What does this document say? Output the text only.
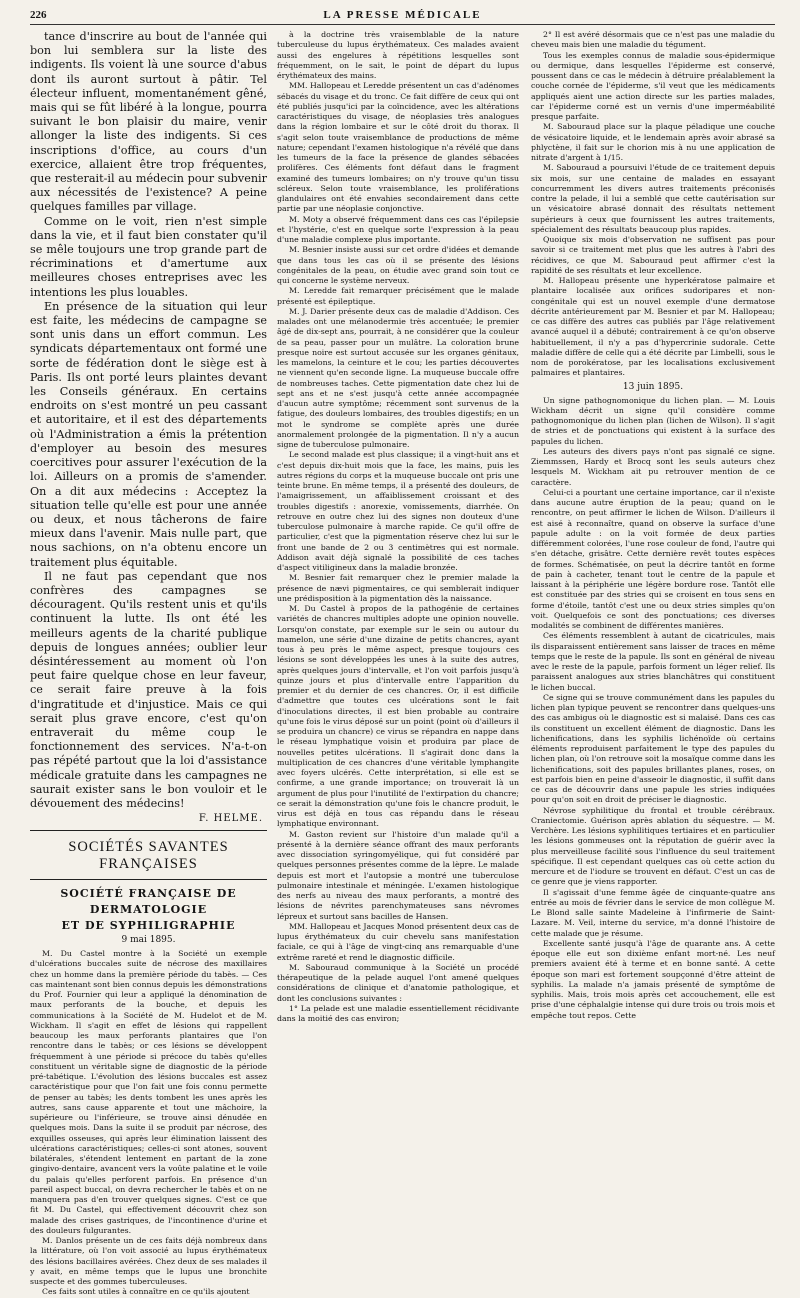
226	LA PRESSE MÉDICALE

tance d'inscrire au bout de l'année qui bon lui semblera sur la liste des indigents. Ils voient là une source d'abus dont ils auront surtout à pâtir. Tel électeur influent, momentanément gêné, mais qui se fût libéré à la longue, pourra suivant le bon plaisir du maire, venir allonger la liste des indigents. Si ces inscriptions d'office, au cours d'un exercice, allaient être trop fréquentes, que resterait-il au médecin pour subvenir aux nécessités de l'existence? A peine quelques familles par village.

Comme on le voit, rien n'est simple dans la vie, et il faut bien constater qu'il se mêle toujours une trop grande part de récriminations et d'amertume aux meilleures choses entreprises avec les intentions les plus louables.

En présence de la situation qui leur est faite, les médecins de campagne se sont unis dans un effort commun. Les syndicats départementaux ont formé une sorte de fédération dont le siège est à Paris. Ils ont porté leurs plaintes devant les Conseils généraux. En certains endroits on s'est montré un peu cassant et autoritaire, et il est des départements où l'Administration a émis la prétention d'employer au besoin des mesures coercitives pour assurer l'exécution de la loi. Ailleurs on a promis de s'amender. On a dit aux médecins : Acceptez la situation telle qu'elle est pour une année ou deux, et nous tâcherons de faire mieux dans l'avenir. Mais nulle part, que nous sachions, on n'a obtenu encore un traitement plus équitable.

Il ne faut pas cependant que nos confrères des campagnes se découragent. Qu'ils restent unis et qu'ils continuent la lutte. Ils ont été les meilleurs agents de la charité publique depuis de longues années; oublier leur désintéressement au moment où l'on peut faire quelque chose en leur faveur, ce serait faire preuve à la fois d'ingratitude et d'injustice. Mais ce qui serait plus grave encore, c'est qu'on entraverait du même coup le fonctionnement des services. N'a-t-on pas répété partout que la loi d'assistance médicale gratuite dans les campagnes ne saurait exister sans le bon vouloir et le dévouement des médecins!

F. HELME.
SOCIÉTÉS SAVANTES FRANÇAISES
SOCIÉTÉ FRANÇAISE DE DERMATOLOGIE
ET DE SYPHILIGRAPHIE
9 mai 1895.

M. Du Castel montre à la Société un exemple d'ulcérations buccales suite de nécrose des maxillaires chez un homme dans la première période du tabès. — Ces cas maintenant sont bien connus depuis les démonstrations du Prof. Fournier qui leur a appliqué la dénomination de maux perforants de la bouche, et depuis les communications à la Société de M. Hudelot et de M. Wickham. Il s'agit en effet de lésions qui rappellent beaucoup les maux perforants plantaires que l'on rencontre dans le tabès; or ces lésions se développent fréquemment à une période si précoce du tabès qu'elles constituent un véritable signe de diagnostic de la période pré-tabétique. L'évolution des lésions buccales est assez caractéristique pour que l'on fait une fois connu permette de penser au tabès; les dents tombent les unes après les autres, sans cause apparente et tout une mâchoire, la supérieure ou l'inférieure, se trouve ainsi dénudée en quelques mois. Dans la suite il se produit par nécrose, des exquilles osseuses, qui après leur élimination laissent des ulcérations caractéristiques; celles-ci sont atones, souvent bilatérales, s'étendent lentement en partant de la zone gingivo-dentaire, avancent vers la voûte palatine et le voile du palais qu'elles perforent parfois. En présence d'un pareil aspect buccal, on devra rechercher le tabès et on ne manquera pas d'en trouver quelques signes. C'est ce que fit M. Du Castel, qui effectivement découvrit chez son malade des crises gastriques, de l'incontinence d'urine et des douleurs fulgurantes.

M. Danlos présente un de ces faits déjà nombreux dans la littérature, où l'on voit associé au lupus érythémateux des lésions bacillaires avérées. Chez deux de ses malades il y avait, en même temps que le lupus une bronchite suspecte et des gommes tuberculeuses.

Ces faits sont utiles à connaître en ce qu'ils ajoutent

à la doctrine très vraisemblable de la nature tuberculeuse du lupus érythémateux. Ces malades avaient aussi des engelures à répétitions lesquelles sont fréquemment, on le sait, le point de départ du lupus érythémateux des mains.

MM. Hallopeau et Leredde présentent un cas d'adénomes sébacés du visage et du tronc. Ce fait diffère de ceux qui ont été publiés jusqu'ici par la coïncidence, avec les altérations caractéristiques du visage, de néoplasies très analogues dans la région lombaire et sur le côté droit du thorax. Il s'agit selon toute vraisemblance de productions de même nature; cependant l'examen histologique n'a révélé que dans les tumeurs de la face la présence de glandes sébacées prolifères. Ces éléments font défaut dans le fragment examiné des tumeurs lombaires; on n'y trouve qu'un tissu scléreux. Selon toute vraisemblance, les proliférations glandulaires ont été envahies secondairement dans cette partie par une néoplasie conjonctive.

M. Moty a observé fréquemment dans ces cas l'épilepsie et l'hystérie, c'est en quelque sorte l'expression à la peau d'une maladie complexe plus importante.

M. Besnier insiste aussi sur cet ordre d'idées et demande que dans tous les cas où il se présente des lésions congénitales de la peau, on étudie avec grand soin tout ce qui concerne le système nerveux.

M. Leredde fait remarquer précisément que le malade présenté est épileptique.

M. J. Darier présente deux cas de maladie d'Addison. Ces malades ont une mélanodermie très accentuée; le premier âgé de dix-sept ans, pourrait, à ne considérer que la couleur de sa peau, passer pour un mulâtre. La coloration brune presque noire est surtout accusée sur les organes génitaux, les mamelons, la ceinture et le cou; les parties découvertes ne viennent qu'en seconde ligne. La muqueuse buccale offre de nombreuses taches. Cette pigmentation date chez lui de sept ans et ne s'est jusqu'à cette année accompagnée d'aucun autre symptôme; récemment sont survenus de la fatigue, des douleurs lombaires, des troubles digestifs; en un mot le syndrome se complète après une durée anormalement prolongée de la pigmentation. Il n'y a aucun signe de tuberculose pulmonaire.

Le second malade est plus classique; il a vingt-huit ans et c'est depuis dix-huit mois que la face, les mains, puis les autres régions du corps et la muqueuse buccale ont pris une teinte brune. En même temps, il a présenté des douleurs, de l'amaigrissement, un affaiblissement croissant et des troubles digestifs : anorexie, vomissements, diarrhée. On retrouve en outre chez lui des signes non douteux d'une tuberculose pulmonaire à marche rapide. Ce qu'il offre de particulier, c'est que la pigmentation réserve chez lui sur le front une bande de 2 ou 3 centimètres qui est normale. Addison avait déjà signalé la possibilité de ces taches d'aspect vitiligineux dans la maladie bronzée.

M. Besnier fait remarquer chez le premier malade la présence de nævi pigmentaires, ce qui semblerait indiquer une prédisposition à la pigmentation dès la naissance.

M. Du Castel à propos de la pathogénie de certaines variétés de chancres multiples adopte une opinion nouvelle. Lorsqu'on constate, par exemple sur le sein ou autour du mamelon, une série d'une dizaine de petits chancres, ayant tous à peu près le même aspect, presque toujours ces lésions se sont développées les unes à la suite des autres, après quelques jours d'intervalle, et l'on voit parfois jusqu'à quinze jours et plus d'intervalle entre l'apparition du premier et du dernier de ces chancres. Or, il est difficile d'admettre que toutes ces ulcérations sont le fait d'inoculations directes, il est bien probable au contraire qu'une fois le virus déposé sur un point (point où d'ailleurs il se produira un chancre) ce virus se répandra en nappe dans le réseau lymphatique voisin et produira par place de nouvelles petites ulcérations. Il s'agirait donc dans la multiplication de ces chancres d'une véritable lymphangite avec foyers ulcérés. Cette interprétation, si elle est se confirme, a une grande importance; on trouverait là un argument de plus pour l'inutilité de l'extirpation du chancre; ce serait la démonstration qu'une fois le chancre produit, le virus est déjà en tous cas répandu dans le réseau lymphatique environnant.

M. Gaston revient sur l'histoire d'un malade qu'il a présenté à la dernière séance offrant des maux perforants avec dissociation syringomyélique, qui fut considéré par quelques personnes présentes comme de la lèpre. Le malade depuis est mort et l'autopsie a montré une tuberculose pulmonaire intestinale et méningée. L'examen histologique des nerfs au niveau des maux perforants, a montré des lésions de névrites parenchymateuses sans névromes lépreux et surtout sans bacilles de Hansen.

MM. Hallopeau et Jacques Monod présentent deux cas de lupus érythémateux du cuir chevelu sans manifestation faciale, ce qui à l'âge de vingt-cinq ans remarquable d'une extrême rareté et rend le diagnostic difficile.

M. Sabouraud communique à la Société un procédé thérapeutique de la pelade auquel l'ont amené quelques considérations de clinique et d'anatomie pathologique, et dont les conclusions suivantes :

1° La pelade est une maladie essentiellement récidivante dans la moitié des cas environ;

2° Il est avéré désormais que ce n'est pas une maladie du cheveu mais bien une maladie du tégument.

Tous les exemples connus de maladie sous-épidermique ou dermique, dans lesquelles l'épiderme est conservé, poussent dans ce cas le médecin à détruire préalablement la couche cornée de l'épiderme, s'il veut que les médicaments appliqués aient une action directe sur les parties malades, car l'épiderme corné est un vernis d'une imperméabilité presque parfaite.

M. Sabouraud place sur la plaque péladique une couche de vésicatoire liquide, et le lendemain après avoir abrasé sa phlyctène, il fait sur le chorion mis à nu une application de nitrate d'argent à 1/15.

M. Sabouraud a poursuivi l'étude de ce traitement depuis six mois, sur une centaine de malades en essayant concurremment les divers autres traitements préconisés contre la pelade, il lui a semblé que cette cautérisation sur un vésicatoire abrasé donnait des résultats nettement supérieurs à ceux que fournissent les autres traitements, spécialement des résultats beaucoup plus rapides.

Quoique six mois d'observation ne suffisent pas pour savoir si ce traitement met plus que les autres à l'abri des récidives, ce que M. Sabouraud peut affirmer c'est la rapidité de ses résultats et leur excellence.

M. Hallopeau présente une hyperkératose palmaire et plantaire localisée aux orifices sudoripares et non-congénitale qui est un nouvel exemple d'une dermatose décrite antérieurement par M. Besnier et par M. Hallopeau; ce cas diffère des autres cas publiés par l'âge relativement avancé auquel il a débuté; contrairement à ce qu'on observe habituellement, il n'y a pas d'hypercrinie sudorale. Cette maladie diffère de celle qui a été décrite par Limbelli, sous le nom de porokératose, par les localisations exclusivement palmaires et plantaires.

13 juin 1895.

Un signe pathognomonique du lichen plan. — M. Louis Wickham décrit un signe qu'il considère comme pathognomonique du lichen plan (lichen de Wilson). Il s'agit de stries et de ponctuations qui existent à la surface des papules du lichen.

Les auteurs des divers pays n'ont pas signalé ce signe. Ziemmssen, Hardy et Brocq sont les seuls auteurs chez lesquels M. Wickham ait pu retrouver mention de ce caractère.

Celui-ci a pourtant une certaine importance, car il n'existe dans aucune autre éruption de la peau; quand on le rencontre, on peut affirmer le lichen de Wilson. D'ailleurs il est aisé à reconnaître, quand on observe la surface d'une papule adulte : on la voit formée de deux parties différemment colorées, l'une rose couleur de fond, l'autre qui s'en détache, grisâtre. Cette dernière revêt toutes espèces de formes. Schématisée, on peut la décrire tantôt en forme de pain à cacheter, tenant tout le centre de la papule et laissant à la périphérie une légère bordure rose. Tantôt elle est constituée par des stries qui se croisent en tous sens en forme d'étoile, tantôt c'est une ou deux stries simples qu'on voit. Quelquefois ce sont des ponctuations; ces diverses modalités se combinent de différentes manières.

Ces éléments ressemblent à autant de cicatricules, mais ils disparaissent entièrement sans laisser de traces en même temps que le reste de la papule. Ils sont en général de niveau avec le reste de la papule, parfois forment un léger relief. Ils paraissent analogues aux stries blanchâtres qui constituent le lichen buccal.

Ce signe qui se trouve communément dans les papules du lichen plan typique peuvent se rencontrer dans quelques-uns des cas ambigus où le diagnostic est si malaisé. Dans ces cas ils constituent un excellent élément de diagnostic. Dans les lichenifications, dans les syphilis lichénoïde où certains éléments reproduisent parfaitement le type des papules du lichen plan, où l'on retrouve soit la mosaïque comme dans les lichenifications, soit des papules brillantes planes, roses, on est parfois bien en peine d'asseoir le diagnostic, il suffit dans ce cas de découvrir dans une papule les stries indiquées pour qu'on soit en droit de préciser le diagnostic.

Névrose syphilitique du frontal et trouble cérébraux. Craniectomie. Guérison après ablation du séquestre. — M. Verchère. Les lésions syphilitiques tertiaires et en particulier les lésions gommeuses ont la réputation de guérir avec la plus merveilleuse facilité sous l'influence du seul traitement spécifique. Il est cependant quelques cas où cette action du mercure et de l'iodure se trouvent en défaut. C'est un cas de ce genre que je viens rapporter.

Il s'agissait d'une femme âgée de cinquante-quatre ans entrée au mois de février dans le service de mon collègue M. Le Blond salle sainte Madeleine à l'infirmerie de Saint-Lazare. M. Veil, interne du service, m'a donné l'histoire de cette malade que je résume.

Excellente santé jusqu'à l'âge de quarante ans. A cette époque elle eut son dixième enfant mort-né. Les neuf premiers avaient été à terme et en bonne santé. A cette époque son mari est fortement soupçonné d'être atteint de syphilis. La malade n'a jamais présenté de symptôme de syphilis. Mais, trois mois après cet accouchement, elle est prise d'une céphalalgie intense qui dure trois ou trois mois et empêche tout repos. Cette
